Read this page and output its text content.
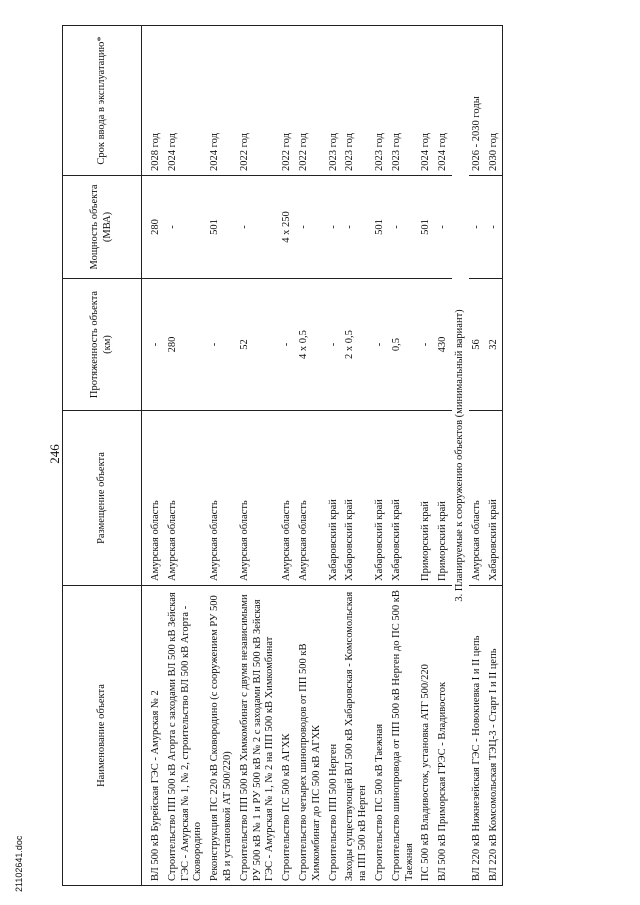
246
Наименование объекта	Размещение объекта	Протяженность объекта (км)	Мощность объекта (МВА)	Срок ввода в эксплуатацию*
ВЛ 500 кВ Бурейская ГЭС - Амурская № 2	Амурская область	-	280	2028 год
Строительство ПП 500 кВ Агорта с заходами ВЛ 500 кВ Зейская ГЭС - Амурская № 1, № 2, строительство ВЛ 500 кВ Агорта - Сковородино	Амурская область	280	-	2024 год
Реконструкция ПС 220 кВ Сковородино (с сооружением РУ 500 кВ и установкой АТ 500/220)	Амурская область	-	501	2024 год
Строительство ПП 500 кВ Химкомбинат с двумя независимыми РУ 500 кВ № 1 и РУ 500 кВ № 2 с заходами ВЛ 500 кВ Зейская ГЭС - Амурская № 1, № 2 на ПП 500 кВ Химкомбинат	Амурская область	52	-	2022 год
Строительство ПС 500 кВ АГХК	Амурская область	-	4 х 250	2022 год
Строительство четырех шинопроводов от ПП 500 кВ Химкомбинат до ПС 500 кВ АГХК	Амурская область	4 х 0,5	-	2022 год
Строительство ПП 500 Нерген	Хабаровский край	-	-	2023 год
Заходы существующей ВЛ 500 кВ Хабаровская - Комсомольская на ПП 500 кВ Нерген	Хабаровский край	2 х 0,5	-	2023 год
Строительство ПС 500 кВ Таежная	Хабаровский край	-	501	2023 год
Строительство шинопровода от ПП 500 кВ Нерген до ПС 500 кВ Таежная	Хабаровский край	0,5	-	2023 год
ПС 500 кВ Владивосток, установка АТГ 500/220	Приморский край	-	501	2024 год
ВЛ 500 кВ Приморская ГРЭС - Владивосток	Приморский край	430	-	2024 год
3. Планируемые к сооружению объектов (минимальный вариант)				
ВЛ 220 кВ Нижнезейская ГЭС - Новокиевка I и II цепь	Амурская область	56	-	2026 - 2030 годы
ВЛ 220 кВ Комсомольская ТЭЦ-3 - Старт I и II цепь	Хабаровский край	32	-	2030 год
21102641.doc
